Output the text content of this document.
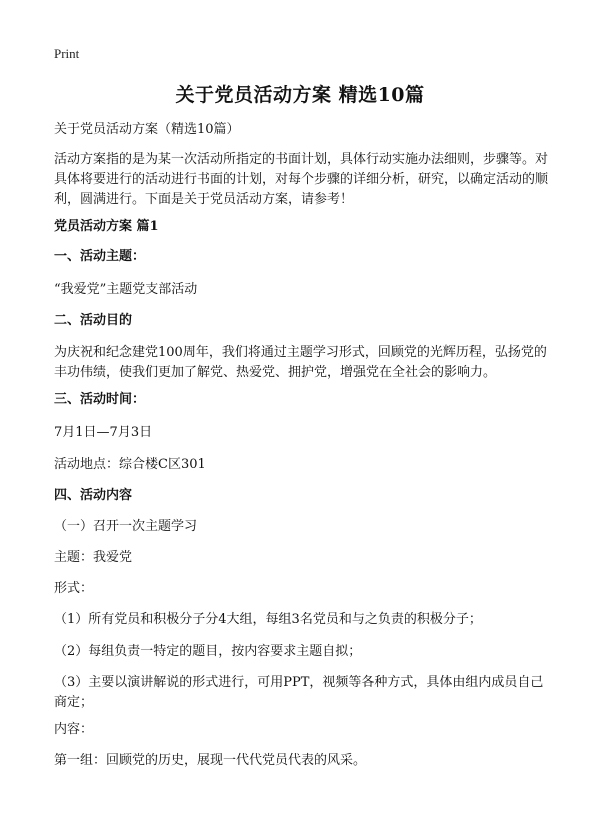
Print
关于党员活动方案 精选10篇

关于党员活动方案（精选10篇）

活动方案指的是为某一次活动所指定的书面计划，具体行动实施办法细则，步骤等。对具体将要进行的活动进行书面的计划，对每个步骤的详细分析，研究，以确定活动的顺利，圆满进行。下面是关于党员活动方案，请参考！

党员活动方案 篇1

一、活动主题：

“我爱党”主题党支部活动

二、活动目的

为庆祝和纪念建党100周年，我们将通过主题学习形式，回顾党的光辉历程，弘扬党的丰功伟绩，使我们更加了解党、热爱党、拥护党，增强党在全社会的影响力。

三、活动时间：

7月1日—7月3日

活动地点：综合楼C区301

四、活动内容

（一）召开一次主题学习

主题：我爱党

形式：

（1）所有党员和积极分子分4大组，每组3名党员和与之负责的积极分子；

（2）每组负责一特定的题目，按内容要求主题自拟；

（3）主要以演讲解说的形式进行，可用PPT，视频等各种方式，具体由组内成员自己商定；

内容：

第一组：回顾党的历史，展现一代代党员代表的风采。
